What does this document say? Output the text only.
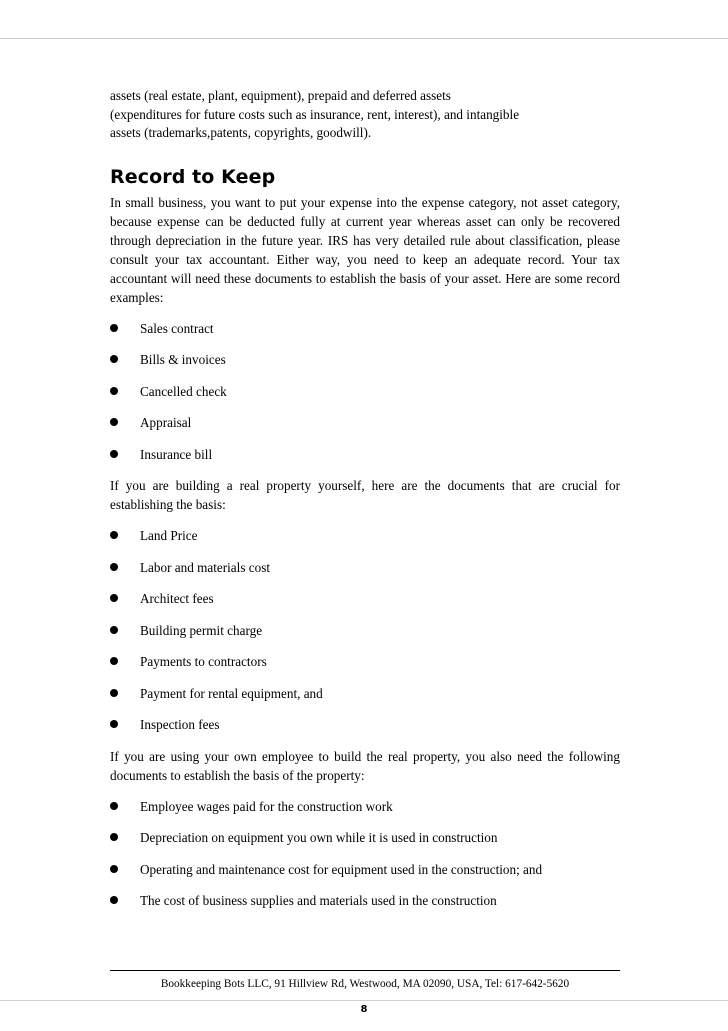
assets (real estate, plant, equipment), prepaid and deferred assets
(expenditures for future costs such as insurance, rent, interest), and intangible
assets (trademarks,patents, copyrights, goodwill).

Record to Keep

In small business, you want to put your expense into the expense category, not asset category, because expense can be deducted fully at current year whereas asset can only be recovered through depreciation in the future year. IRS has very detailed rule about classification, please consult your tax accountant. Either way, you need to keep an adequate record. Your tax accountant will need these documents to establish the basis of your asset. Here are some record examples:

Sales contract
Bills & invoices
Cancelled check
Appraisal
Insurance bill

If you are building a real property yourself, here are the documents that are crucial for establishing the basis:

Land Price
Labor and materials cost
Architect fees
Building permit charge
Payments to contractors
Payment for rental equipment, and
Inspection fees

If you are using your own employee to build the real property, you also need the following documents to establish the basis of the property:

Employee wages paid for the construction work
Depreciation on equipment you own while it is used in construction
Operating and maintenance cost for equipment used in the construction; and
The cost of business supplies and materials used in the construction
Bookkeeping Bots LLC, 91 Hillview Rd, Westwood, MA 02090, USA, Tel: 617-642-5620
8
